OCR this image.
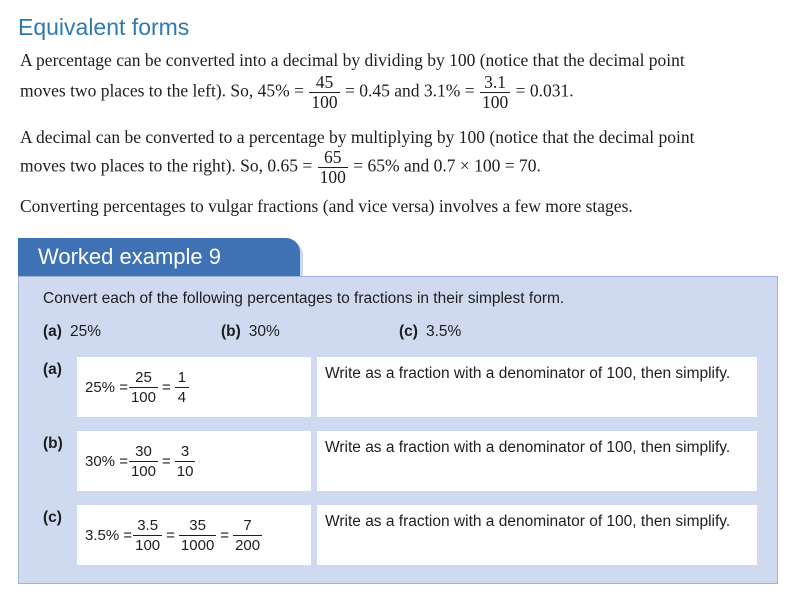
Equivalent forms
A percentage can be converted into a decimal by dividing by 100 (notice that the decimal point
moves two places to the left). So, $45\% = \frac{45}{100} = 0.45$ and $3.1\% = \frac{3.1}{100} = 0.031$.
A decimal can be converted to a percentage by multiplying by 100 (notice that the decimal point
moves two places to the right). So, $0.65 = \frac{65}{100} = 65\%$ and 0.7 × 100 = 70.
Converting percentages to vulgar fractions (and vice versa) involves a few more stages.
Worked example 9
Convert each of the following percentages to fractions in their simplest form.
(a) 25%	(b) 30%	(c) 3.5%
(a)
$25\% = \frac{25}{100} = \frac{1}{4}$	Write as a fraction with a denominator of 100, then simplify.
(b)
$30\% = \frac{30}{100} = \frac{3}{10}$	Write as a fraction with a denominator of 100, then simplify.
(c)
$3.5\% = \frac{3.5}{100} = \frac{35}{1000} = \frac{7}{200}$	Write as a fraction with a denominator of 100, then simplify.
